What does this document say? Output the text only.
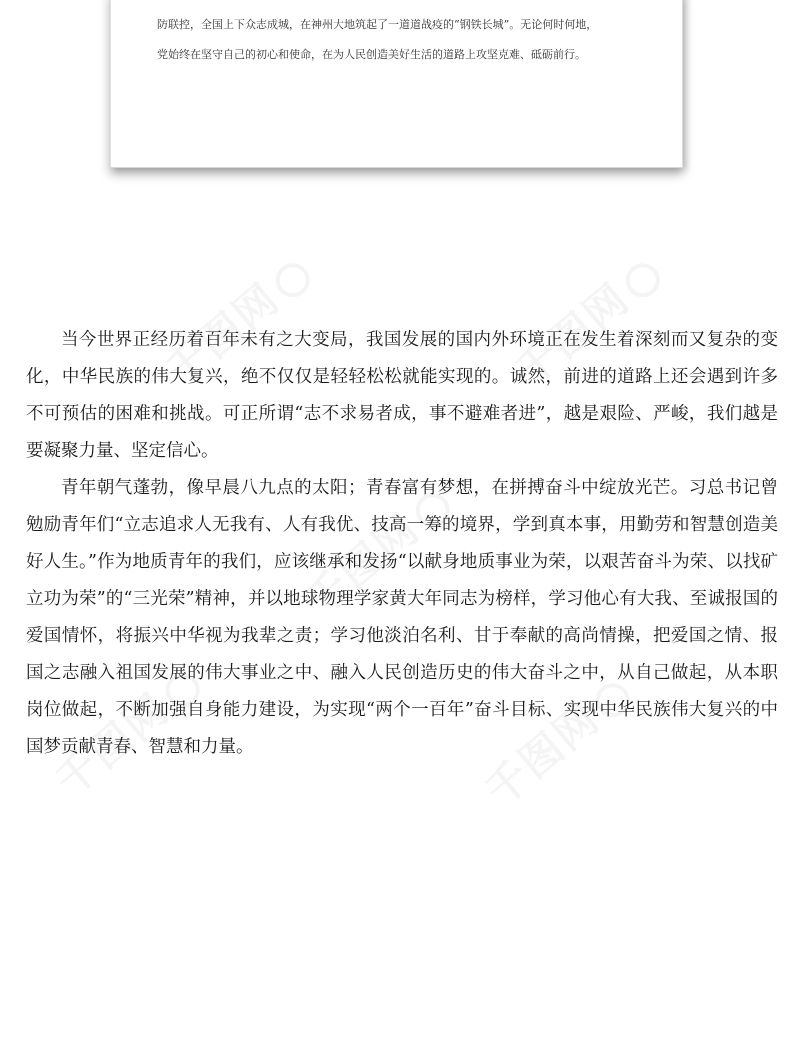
防联控，全国上下众志成城，在神州大地筑起了一道道战疫的“钢铁长城”。无论何时何地，
党始终在坚守自己的初心和使命，在为人民创造美好生活的道路上攻坚克难、砥砺前行。

当今世界正经历着百年未有之大变局，我国发展的国内外环境正在发生着深刻而又复杂的变化，中华民族的伟大复兴，绝不仅仅是轻轻松松就能实现的。诚然，前进的道路上还会遇到许多不可预估的困难和挑战。可正所谓“志不求易者成，事不避难者进”，越是艰险、严峻，我们越是要凝聚力量、坚定信心。

青年朝气蓬勃，像早晨八九点的太阳；青春富有梦想，在拼搏奋斗中绽放光芒。习总书记曾勉励青年们“立志追求人无我有、人有我优、技高一筹的境界，学到真本事，用勤劳和智慧创造美好人生。”作为地质青年的我们，应该继承和发扬“以献身地质事业为荣，以艰苦奋斗为荣、以找矿立功为荣”的“三光荣”精神，并以地球物理学家黄大年同志为榜样，学习他心有大我、至诚报国的爱国情怀，将振兴中华视为我辈之责；学习他淡泊名利、甘于奉献的高尚情操，把爱国之情、报国之志融入祖国发展的伟大事业之中、融入人民创造历史的伟大奋斗之中，从自己做起，从本职岗位做起，不断加强自身能力建设，为实现“两个一百年”奋斗目标、实现中华民族伟大复兴的中国梦贡献青春、智慧和力量。
